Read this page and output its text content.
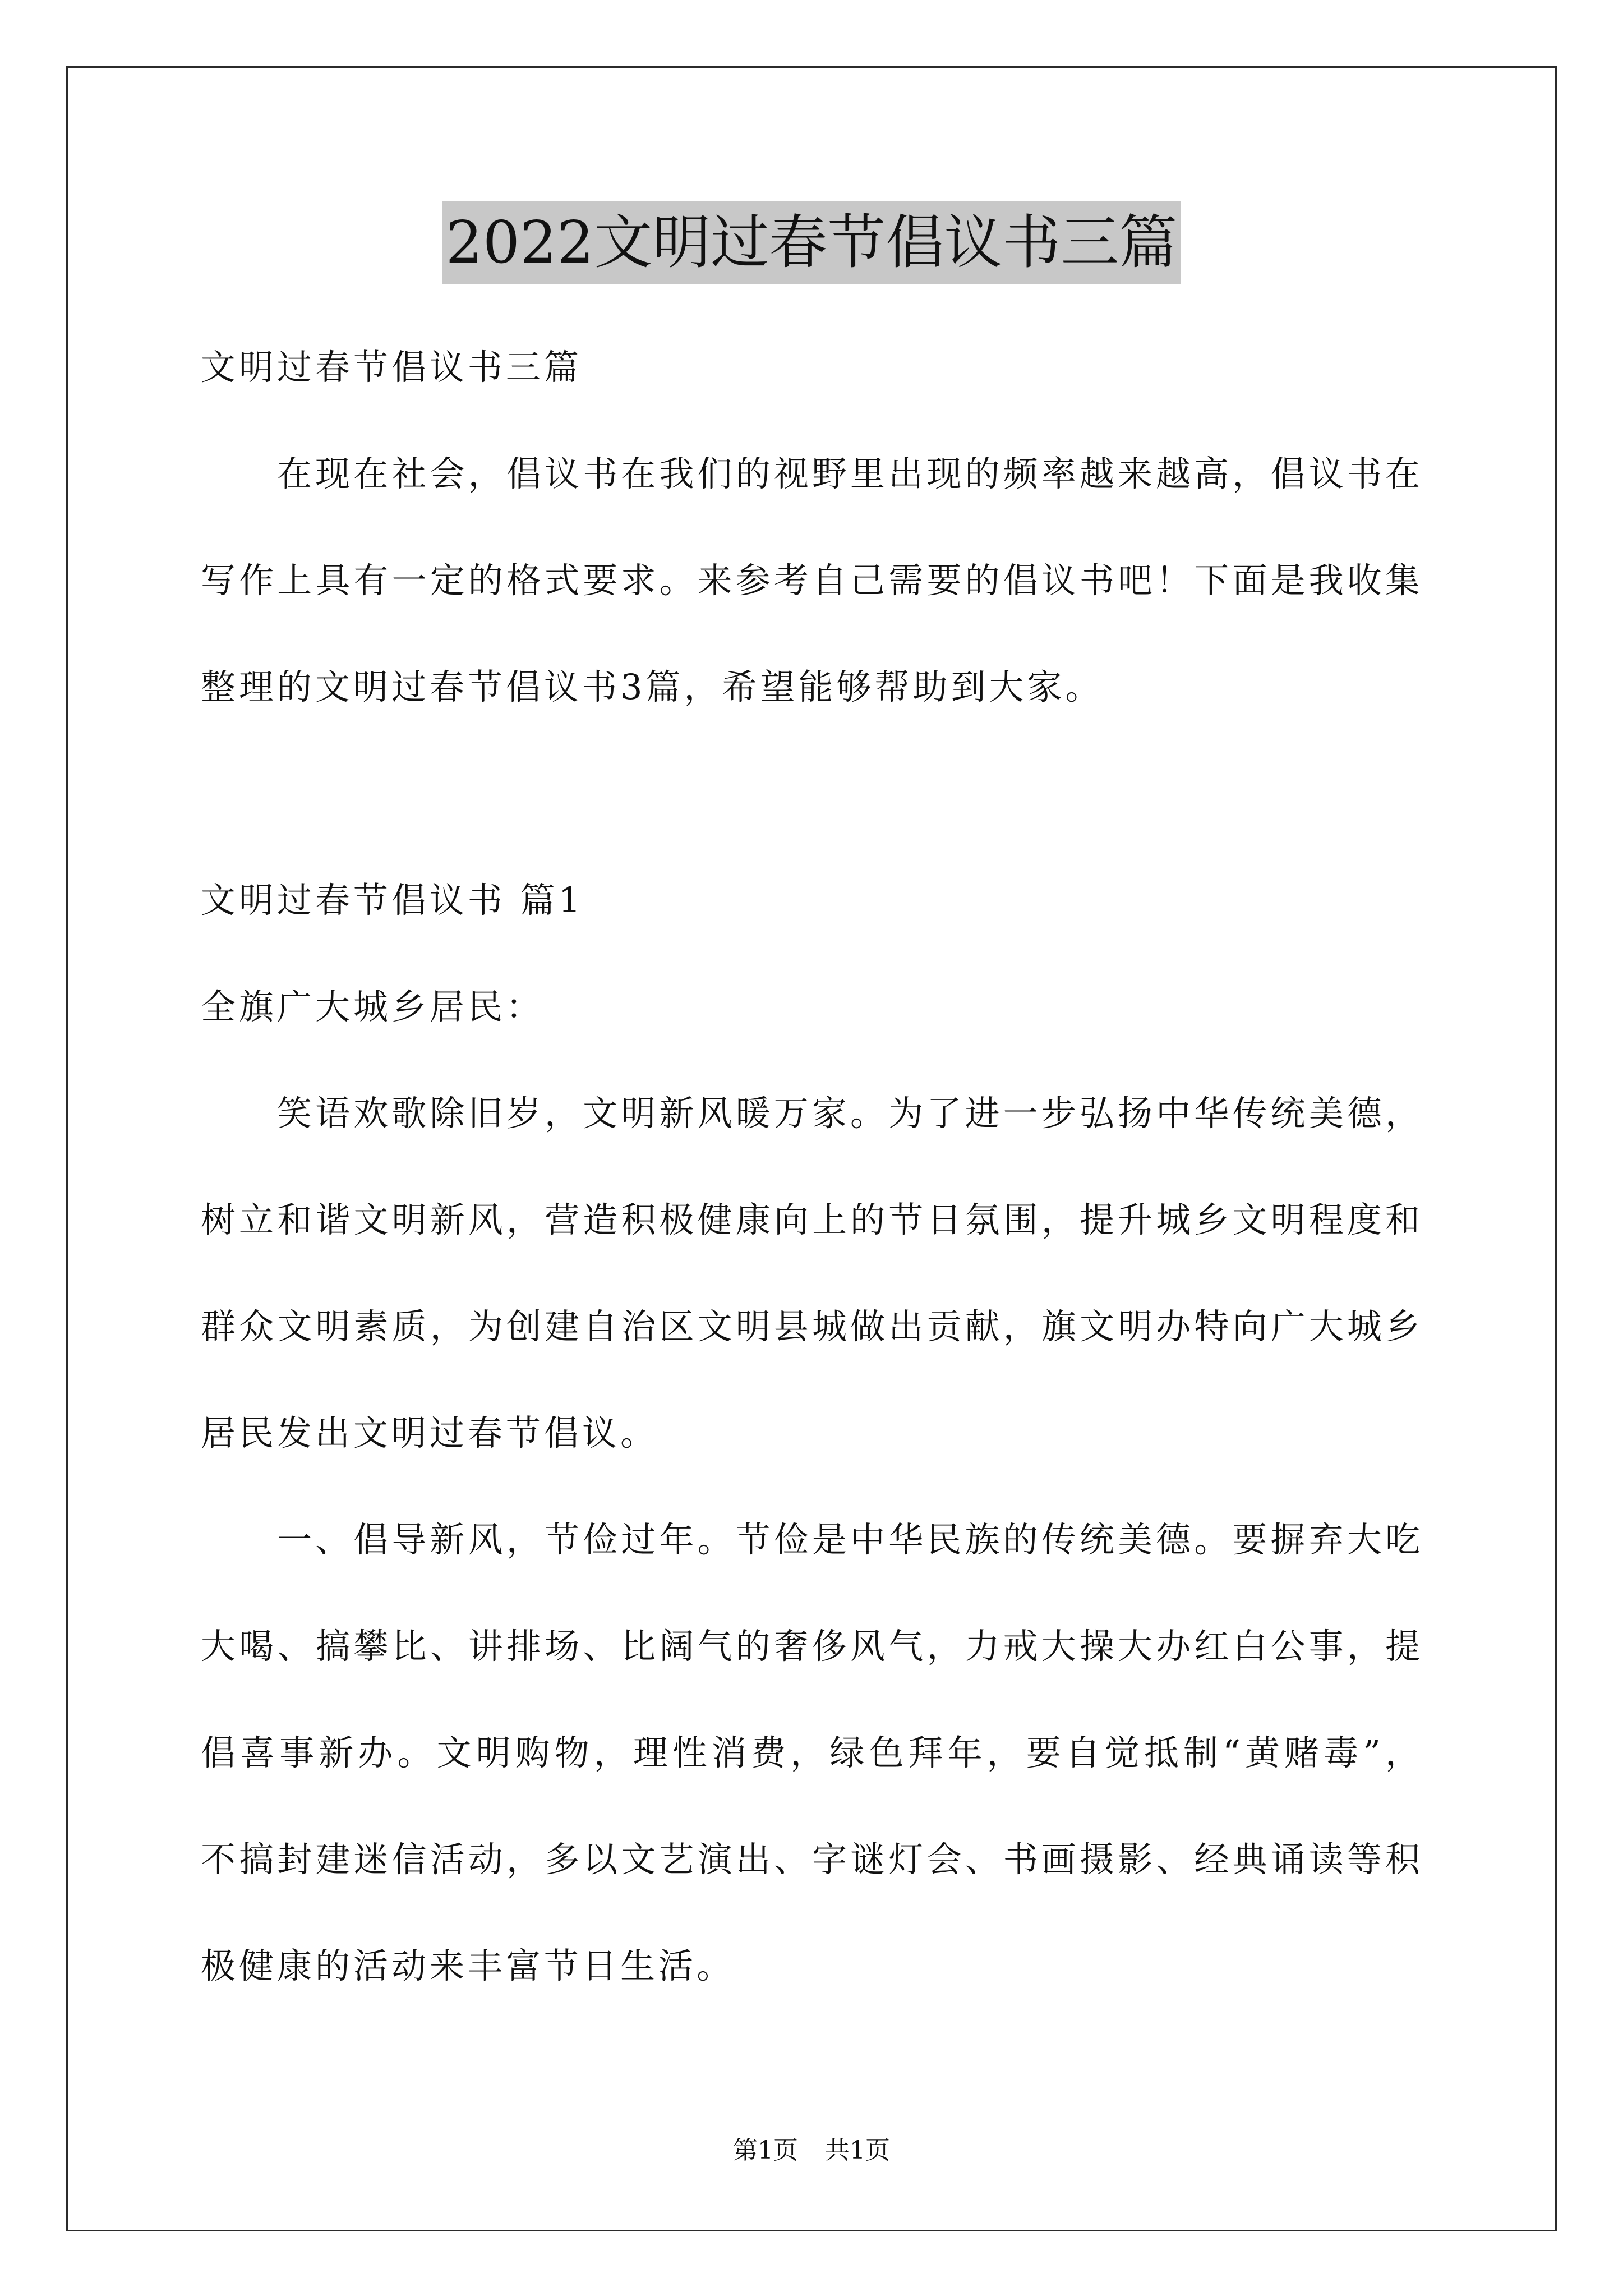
2022文明过春节倡议书三篇

文明过春节倡议书三篇

在现在社会，倡议书在我们的视野里出现的频率越来越高，倡议书在写作上具有一定的格式要求。来参考自己需要的倡议书吧！下面是我收集整理的文明过春节倡议书3篇，希望能够帮助到大家。

文明过春节倡议书 篇1

全旗广大城乡居民：

笑语欢歌除旧岁，文明新风暖万家。为了进一步弘扬中华传统美德，树立和谐文明新风，营造积极健康向上的节日氛围，提升城乡文明程度和群众文明素质，为创建自治区文明县城做出贡献，旗文明办特向广大城乡居民发出文明过春节倡议。

一、倡导新风，节俭过年。节俭是中华民族的传统美德。要摒弃大吃大喝、搞攀比、讲排场、比阔气的奢侈风气，力戒大操大办红白公事，提倡喜事新办。文明购物，理性消费，绿色拜年，要自觉抵制“黄赌毒”，不搞封建迷信活动，多以文艺演出、字谜灯会、书画摄影、经典诵读等积极健康的活动来丰富节日生活。

第1页 共1页
